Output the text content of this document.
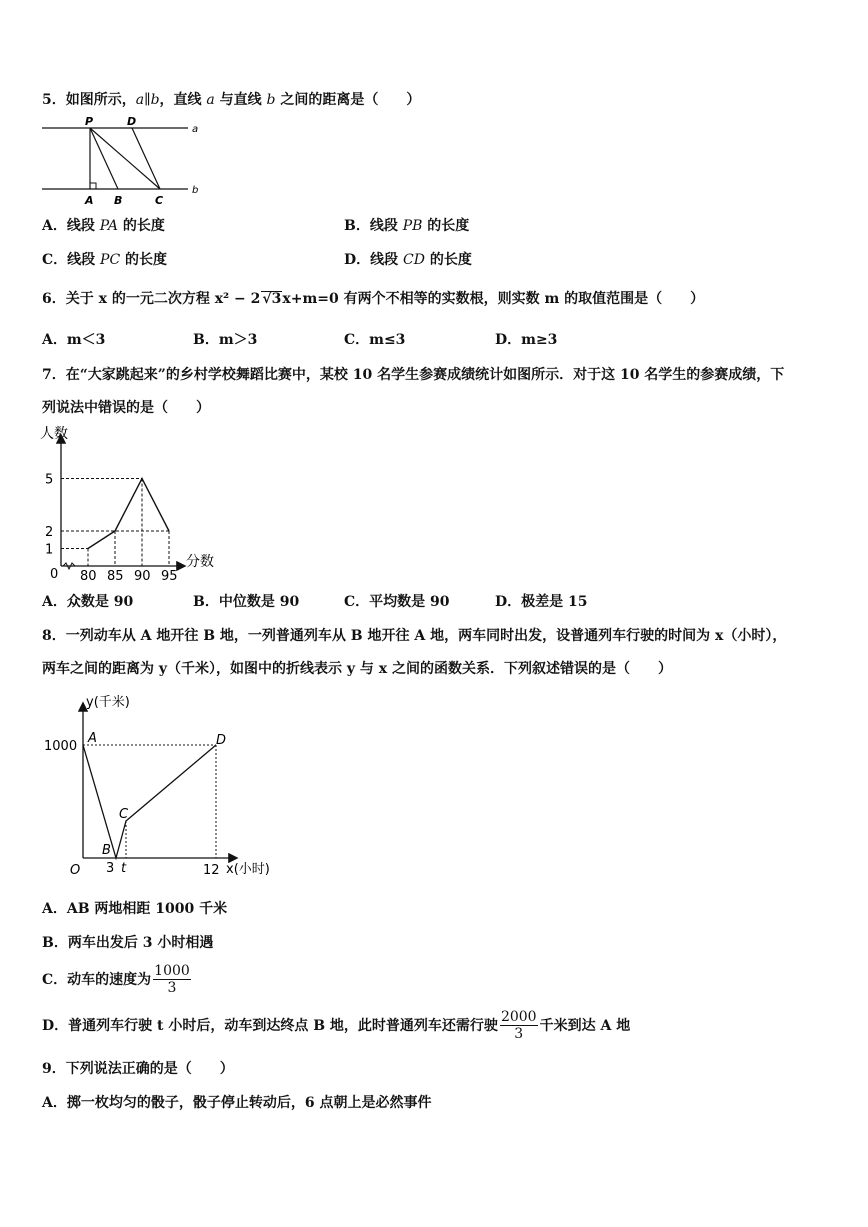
5．如图所示，a∥b，直线 a 与直线 b 之间的距离是（　　）
P	D
a
b
A B	C
A．线段 PA 的长度	B．线段 PB 的长度
C．线段 PC 的长度	D．线段 CD 的长度
6．关于 x 的一元二次方程 x² − 2 √3x+m=0 有两个不相等的实数根，则实数 m 的取值范围是（　　）
A．m＜3	B．m＞3	C．m≤3	D．m≥3
7．在“大家跳起来”的乡村学校舞蹈比赛中，某校 10 名学生参赛成绩统计如图所示．对于这 10 名学生的参赛成绩，下
列说法中错误的是（　　）
人数
分数
0
1
2
5
80 85 90 95
A．众数是 90	B．中位数是 90	C．平均数是 90	D．极差是 15
8．一列动车从 A 地开往 B 地，一列普通列车从 B 地开往 A 地，两车同时出发，设普通列车行驶的时间为 x（小时），
两车之间的距离为 y（千米），如图中的折线表示 y 与 x 之间的函数关系．下列叙述错误的是（　　）
y(千米)
x(小时)
1000
A	D
C
B
O 3 t	12
A．AB 两地相距 1000 千米
B．两车出发后 3 小时相遇
C．动车的速度为 $\frac{1000}{3}$
D．普通列车行驶 t 小时后，动车到达终点 B 地，此时普通列车还需行驶 $\frac{2000}{3}$ 千米到达 A 地
9．下列说法正确的是（　　）
A．掷一枚均匀的骰子，骰子停止转动后，6 点朝上是必然事件
